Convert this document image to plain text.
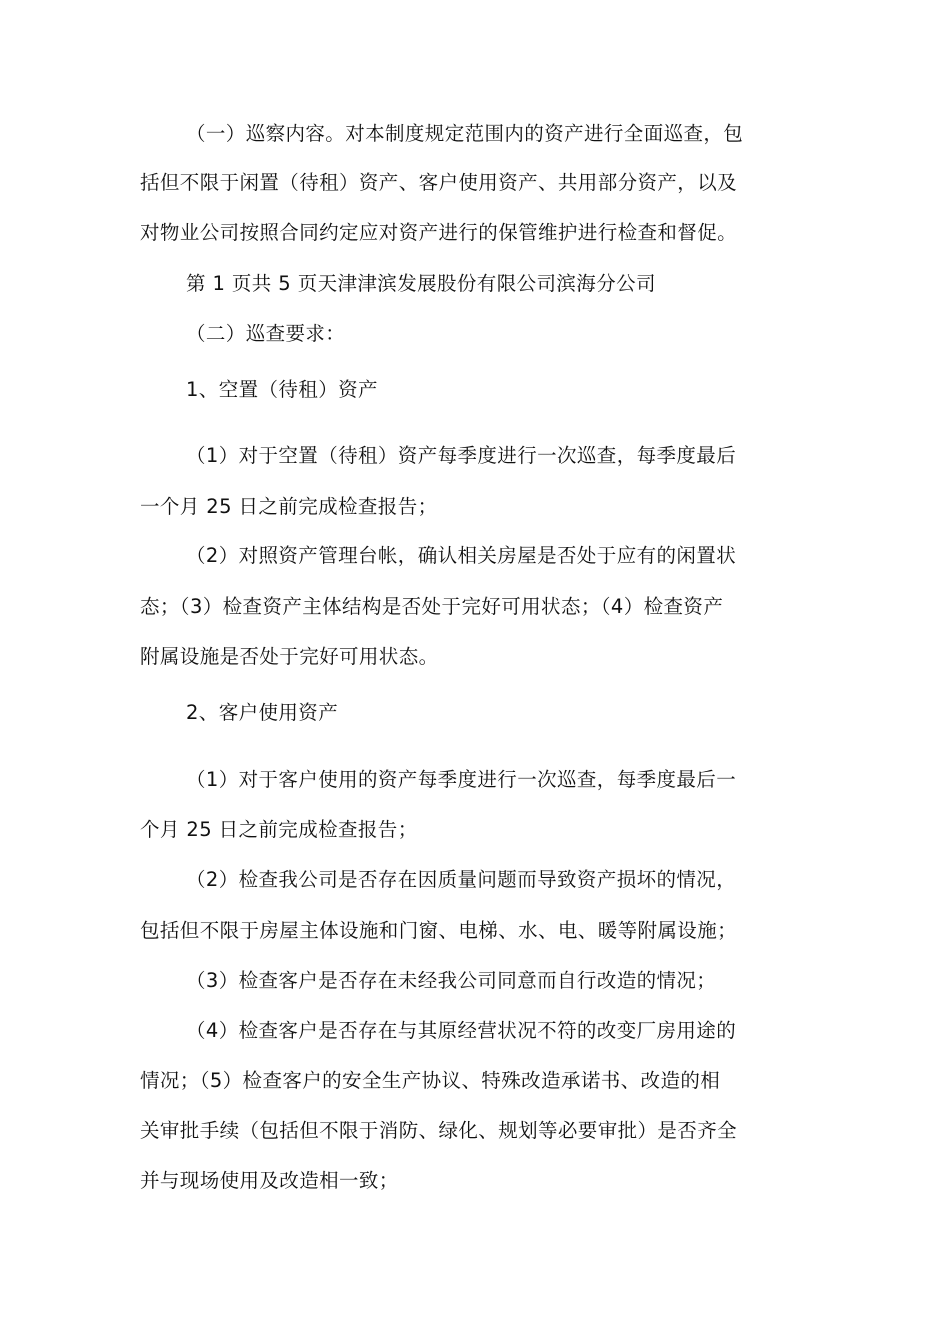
（一）巡察内容。对本制度规定范围内的资产进行全面巡查，包
括但不限于闲置（待租）资产、客户使用资产、共用部分资产，以及
对物业公司按照合同约定应对资产进行的保管维护进行检查和督促。
第 1 页共 5 页天津津滨发展股份有限公司滨海分公司
（二）巡查要求：
1、空置（待租）资产
（1）对于空置（待租）资产每季度进行一次巡查，每季度最后
一个月 25 日之前完成检查报告；
（2）对照资产管理台帐，确认相关房屋是否处于应有的闲置状
态；（3）检查资产主体结构是否处于完好可用状态；（4）检查资产
附属设施是否处于完好可用状态。
2、客户使用资产
（1）对于客户使用的资产每季度进行一次巡查，每季度最后一
个月 25 日之前完成检查报告；
（2）检查我公司是否存在因质量问题而导致资产损坏的情况，
包括但不限于房屋主体设施和门窗、电梯、水、电、暖等附属设施；
（3）检查客户是否存在未经我公司同意而自行改造的情况；
（4）检查客户是否存在与其原经营状况不符的改变厂房用途的
情况；（5）检查客户的安全生产协议、特殊改造承诺书、改造的相
关审批手续（包括但不限于消防、绿化、规划等必要审批）是否齐全
并与现场使用及改造相一致；
